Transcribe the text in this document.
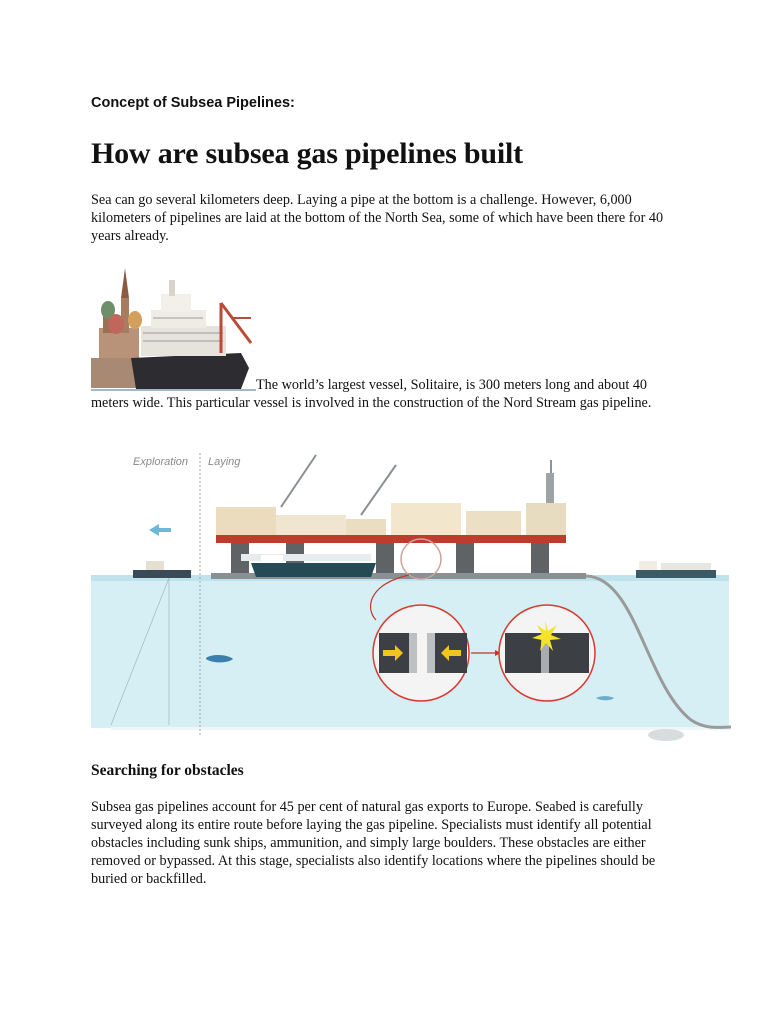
Concept of Subsea Pipelines:
How are subsea gas pipelines built

Sea can go several kilometers deep. Laying a pipe at the bottom is a challenge. However, 6,000 kilometers of pipelines are laid at the bottom of the North Sea, some of which have been there for 40 years already.

The world’s largest vessel, Solitaire, is 300 meters long and about 40 meters wide. This particular vessel is involved in the construction of the Nord Stream gas pipeline.

Exploration Laying
Searching for obstacles

Subsea gas pipelines account for 45 per cent of natural gas exports to Europe. Seabed is carefully surveyed along its entire route before laying the gas pipeline. Specialists must identify all potential obstacles including sunk ships, ammunition, and simply large boulders. These obstacles are either removed or bypassed. At this stage, specialists also identify locations where the pipelines should be buried or backfilled.
